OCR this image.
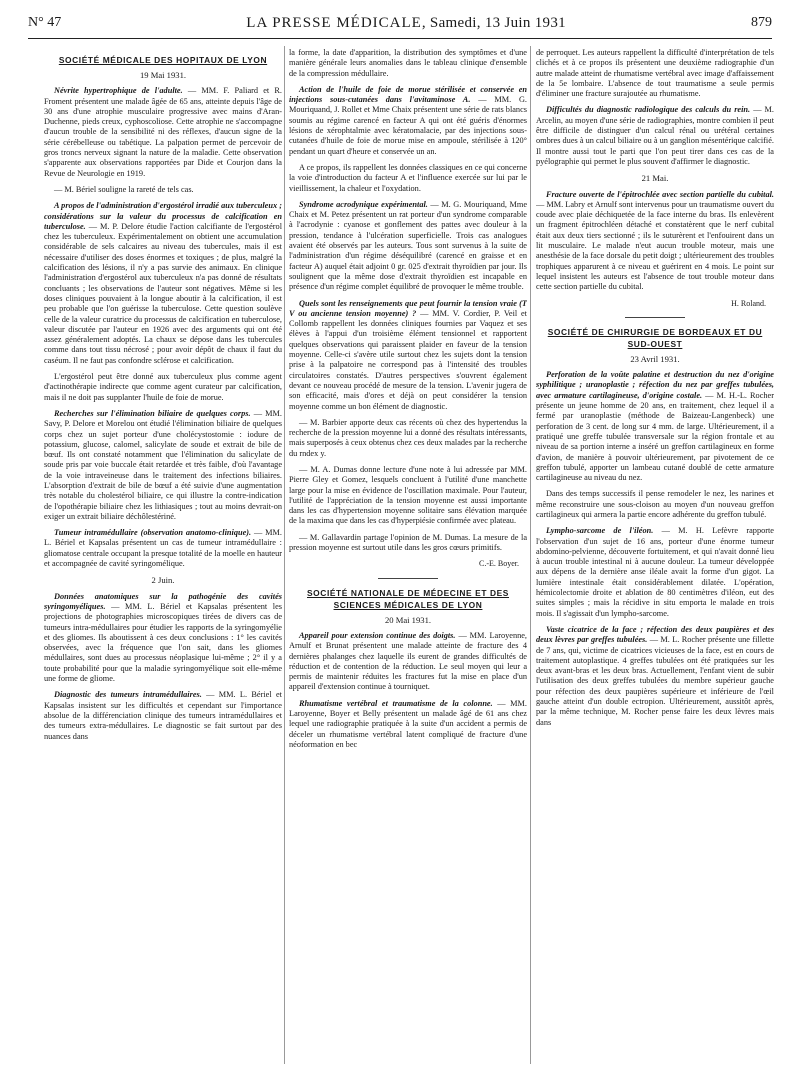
N° 47	LA PRESSE MÉDICALE, Samedi, 13 Juin 1931	879
SOCIÉTÉ MÉDICALE DES HOPITAUX DE LYON
19 Mai 1931.

Névrite hypertrophique de l'adulte. — MM. F. Paliard et R. Froment présentent une malade âgée de 65 ans, atteinte depuis l'âge de 30 ans d'une atrophie musculaire progressive avec mains d'Aran-Duchenne, pieds creux, cyphoscoliose. Cette atrophie ne s'accompagne d'aucun trouble de la sensibilité ni des réflexes, d'aucun signe de la série cérébelleuse ou tabétique. La palpation permet de percevoir de gros troncs nerveux signant la nature de la maladie. Cette observation s'apparente aux observations rapportées par Dide et Courjon dans la Revue de Neurologie en 1919.

— M. Bériel souligne la rareté de tels cas.

A propos de l'administration d'ergostérol irradié aux tuberculeux ; considérations sur la valeur du processus de calcification en tuberculose. — M. P. Delore étudie l'action calcifiante de l'ergostérol chez les tuberculeux. Expérimentalement on obtient une accumulation considérable de sels calcaires au niveau des tubercules, mais il est nécessaire d'utiliser des doses énormes et toxiques ; de plus, malgré la calcification des lésions, il n'y a pas survie des animaux. En clinique l'administration d'ergostérol aux tuberculeux n'a pas donné de résultats concluants ; les observations de l'auteur sont négatives. Même si les doses cliniques pouvaient à la longue aboutir à la calcification, il est peu probable que l'on guérisse la tuberculose. Cette question soulève celle de la valeur curatrice du processus de calcification en tuberculose, valeur discutée par l'auteur en 1926 avec des arguments qui ont été assez généralement adoptés. La chaux se dépose dans les tubercules comme dans tout tissu nécrosé ; pour avoir dépôt de chaux il faut du caséum. Il ne faut pas confondre sclérose et calcification.

L'ergostérol peut être donné aux tuberculeux plus comme agent d'actinothérapie indirecte que comme agent curateur par calcification, mais il ne doit pas supplanter l'huile de foie de morue.

Recherches sur l'élimination biliaire de quelques corps. — MM. Savy, P. Delore et Morelou ont étudié l'élimination biliaire de quelques corps chez un sujet porteur d'une cholécystostomie : iodure de potassium, glucose, calomel, salicylate de soude et extrait de bile de bœuf. Ils ont constaté notamment que l'élimination du salicylate de soude pris par voie buccale était retardée et très faible, d'où l'avantage de la voie intraveineuse dans le traitement des infections biliaires. L'absorption d'extrait de bile de bœuf a été suivie d'une augmentation très notable du cholestérol biliaire, ce qui illustre la contre-indication de l'opothérapie biliaire chez les lithiasiques ; tout au moins devrait-on exiger un extrait biliaire déchôlestériné.

Tumeur intramédullaire (observation anatomo-clinique). — MM. L. Bériel et Kapsalas présentent un cas de tumeur intramédullaire : gliomatose centrale occupant la presque totalité de la moelle en hauteur et accompagnée de cavité syringomélique.

2 Juin.

Données anatomiques sur la pathogénie des cavités syringomyéliques. — MM. L. Bériel et Kapsalas présentent les projections de photographies microscopiques tirées de divers cas de tumeurs intra-médullaires pour étudier les rapports de la syringomyélie et des gliomes. Ils aboutissent à ces deux conclusions : 1° les cavités observées, avec la fréquence que l'on sait, dans les gliomes médullaires, sont dues au processus néoplasique lui-même ; 2° il y a toute probabilité pour que la maladie syringomyélique soit elle-même une forme de gliome.

Diagnostic des tumeurs intramédullaires. — MM. L. Bériel et Kapsalas insistent sur les difficultés et cependant sur l'importance absolue de la différenciation clinique des tumeurs intramédullaires et des tumeurs extra-médullaires. Le diagnostic se fait surtout par des nuances dans

la forme, la date d'apparition, la distribution des symptômes et d'une manière générale leurs anomalies dans le tableau clinique d'ensemble de la compression médullaire.

Action de l'huile de foie de morue stérilisée et conservée en injections sous-cutanées dans l'avitaminose A. — MM. G. Mouriquand, J. Rollet et Mme Chaix présentent une série de rats blancs soumis au régime carencé en facteur A qui ont été guéris d'énormes lésions de xérophtalmie avec kératomalacie, par des injections sous-cutanées d'huile de foie de morue mise en ampoule, stérilisée à 120° pendant un quart d'heure et conservée un an.

A ce propos, ils rappellent les données classiques en ce qui concerne la voie d'introduction du facteur A et l'influence exercée sur lui par le vieillissement, la chaleur et l'oxydation.

Syndrome acrodynique expérimental. — M. G. Mouriquand, Mme Chaix et M. Petez présentent un rat porteur d'un syndrome comparable à l'acrodynie : cyanose et gonflement des pattes avec douleur à la pression, tendance à l'ulcération superficielle. Trois cas analogues avaient été observés par les auteurs. Tous sont survenus à la suite de l'administration d'un régime déséquilibré (carencé en graisse et en facteur A) auquel était adjoint 0 gr. 025 d'extrait thyroïdien par jour. Ils soulignent que la même dose d'extrait thyroïdien est incapable en présence d'un régime complet équilibré de provoquer le même trouble.

Quels sont les renseignements que peut fournir la tension vraie (T V ou ancienne tension moyenne) ? — MM. V. Cordier, P. Veil et Collomb rappellent les données cliniques fournies par Vaquez et ses élèves à l'appui d'un troisième élément tensionnel et rapportent quelques observations qui paraissent plaider en faveur de la tension moyenne. Celle-ci s'avère utile surtout chez les sujets dont la tension prise à la palpatoire ne correspond pas à l'intensité des troubles circulatoires constatés. D'autres perspectives s'ouvrent également devant ce nouveau procédé de mesure de la tension. L'avenir jugera de son efficacité, mais d'ores et déjà on peut considérer la tension moyenne comme un bon élément de diagnostic.

— M. Barbier apporte deux cas récents où chez des hypertendus la recherche de la pression moyenne lui a donné des résultats intéressants, mais superposés à ceux obtenus chez ces deux malades par la recherche du rndex y.

— M. A. Dumas donne lecture d'une note à lui adressée par MM. Pierre Gley et Gomez, lesquels concluent à l'utilité d'une manchette large pour la mise en évidence de l'oscillation maximale. Pour l'auteur, l'utilité de l'appréciation de la tension moyenne est aussi importante dans les cas d'hypertension moyenne solitaire sans élévation marquée de la maxima que dans les cas d'hyperpiésie confirmée avec plateau.

— M. Gallavardin partage l'opinion de M. Dumas. La mesure de la pression moyenne est surtout utile dans les gros cœurs primitifs.

C.-E. Boyer.
SOCIÉTÉ NATIONALE DE MÉDECINE ET DES SCIENCES MÉDICALES DE LYON
20 Mai 1931.

Appareil pour extension continue des doigts. — MM. Laroyenne, Arnulf et Brunat présentent une malade atteinte de fracture des 4 dernières phalanges chez laquelle ils eurent de grandes difficultés de réduction et de contention de la réduction. Le seul moyen qui leur a permis de maintenir réduites les fractures fut la mise en place d'un appareil d'extension continue à tourniquet.

Rhumatisme vertébral et traumatisme de la colonne. — MM. Laroyenne, Boyer et Belly présentent un malade âgé de 61 ans chez lequel une radiographie pratiquée à la suite d'un accident a permis de déceler un rhumatisme vertébral latent compliqué de fracture d'une néoformation en bec

de perroquet. Les auteurs rappellent la difficulté d'interprétation de tels clichés et à ce propos ils présentent une deuxième radiographie d'un autre malade atteint de rhumatisme vertébral avec image d'affaissement de la 5e lombaire. L'absence de tout traumatisme a seule permis d'éliminer une fracture surajoutée au rhumatisme.

Difficultés du diagnostic radiologique des calculs du rein. — M. Arcelin, au moyen d'une série de radiographies, montre combien il peut être difficile de distinguer d'un calcul rénal ou urétéral certaines ombres dues à un calcul biliaire ou à un ganglion mésentérique calcifié. Il montre aussi tout le parti que l'on peut tirer dans ces cas de la pyélographie qui permet le plus souvent d'affirmer le diagnostic.

21 Mai.

Fracture ouverte de l'épitrochlée avec section partielle du cubital. — MM. Labry et Arnulf sont intervenus pour un traumatisme ouvert du coude avec plaie déchiquetée de la face interne du bras. Ils enlevèrent un fragment épitrochléen détaché et constatèrent que le nerf cubital était aux deux tiers sectionné ; ils le suturèrent et l'enfouirent dans un lit musculaire. Le malade n'eut aucun trouble moteur, mais une anesthésie de la face dorsale du petit doigt ; ultérieurement des troubles trophiques apparurent à ce niveau et guérirent en 4 mois. Le point sur lequel insistent les auteurs est l'absence de tout trouble moteur dans cette section partielle du cubital.

H. Roland.
SOCIÉTÉ DE CHIRURGIE DE BORDEAUX ET DU SUD-OUEST
23 Avril 1931.

Perforation de la voûte palatine et destruction du nez d'origine syphilitique ; uranoplastie ; réfection du nez par greffes tubulées, avec armature cartilagineuse, d'origine costale. — M. H.-L. Rocher présente un jeune homme de 20 ans, en traitement, chez lequel il a fermé par uranoplastie (méthode de Baizeau-Langenbeck) une perforation de 3 cent. de long sur 4 mm. de large. Ultérieurement, il a pratiqué une greffe tubulée transversale sur la région frontale et au niveau de sa portion interne a inséré un greffon cartilagineux en forme d'avion, de manière à pouvoir ultérieurement, par pivotement de ce greffon tubulé, apporter un lambeau cutané doublé de cette armature cartilagineuse au niveau du nez.

Dans des temps successifs il pense remodeler le nez, les narines et même reconstruire une sous-cloison au moyen d'un nouveau greffon cartilagineux qui armera la partie encore adhérente du greffon tubulé.

Lympho-sarcome de l'iléon. — M. H. Lefèvre rapporte l'observation d'un sujet de 16 ans, porteur d'une énorme tumeur abdomino-pelvienne, découverte fortuitement, et qui n'avait donné lieu à aucun trouble intestinal ni à aucune douleur. La tumeur développée aux dépens de la dernière anse iléale avait la forme d'un gigot. La lumière intestinale était considérablement dilatée. L'opération, hémicolectomie droite et ablation de 80 centimètres d'iléon, eut des suites simples ; mais la récidive in situ emporta le malade en trois mois. Il s'agissait d'un lympho-sarcome.

Vaste cicatrice de la face ; réfection des deux paupières et des deux lèvres par greffes tubulées. — M. L. Rocher présente une fillette de 7 ans, qui, victime de cicatrices vicieuses de la face, est en cours de traitement autoplastique. 4 greffes tubulées ont été pratiquées sur les deux avant-bras et les deux bras. Actuellement, l'enfant vient de subir l'utilisation des deux greffes tubulées du membre supérieur gauche pour réfection des deux paupières supérieure et inférieure de l'œil gauche atteint d'un double ectropion. Ultérieurement, aussitôt après, par la même technique, M. Rocher pense faire les deux lèvres mais dans
